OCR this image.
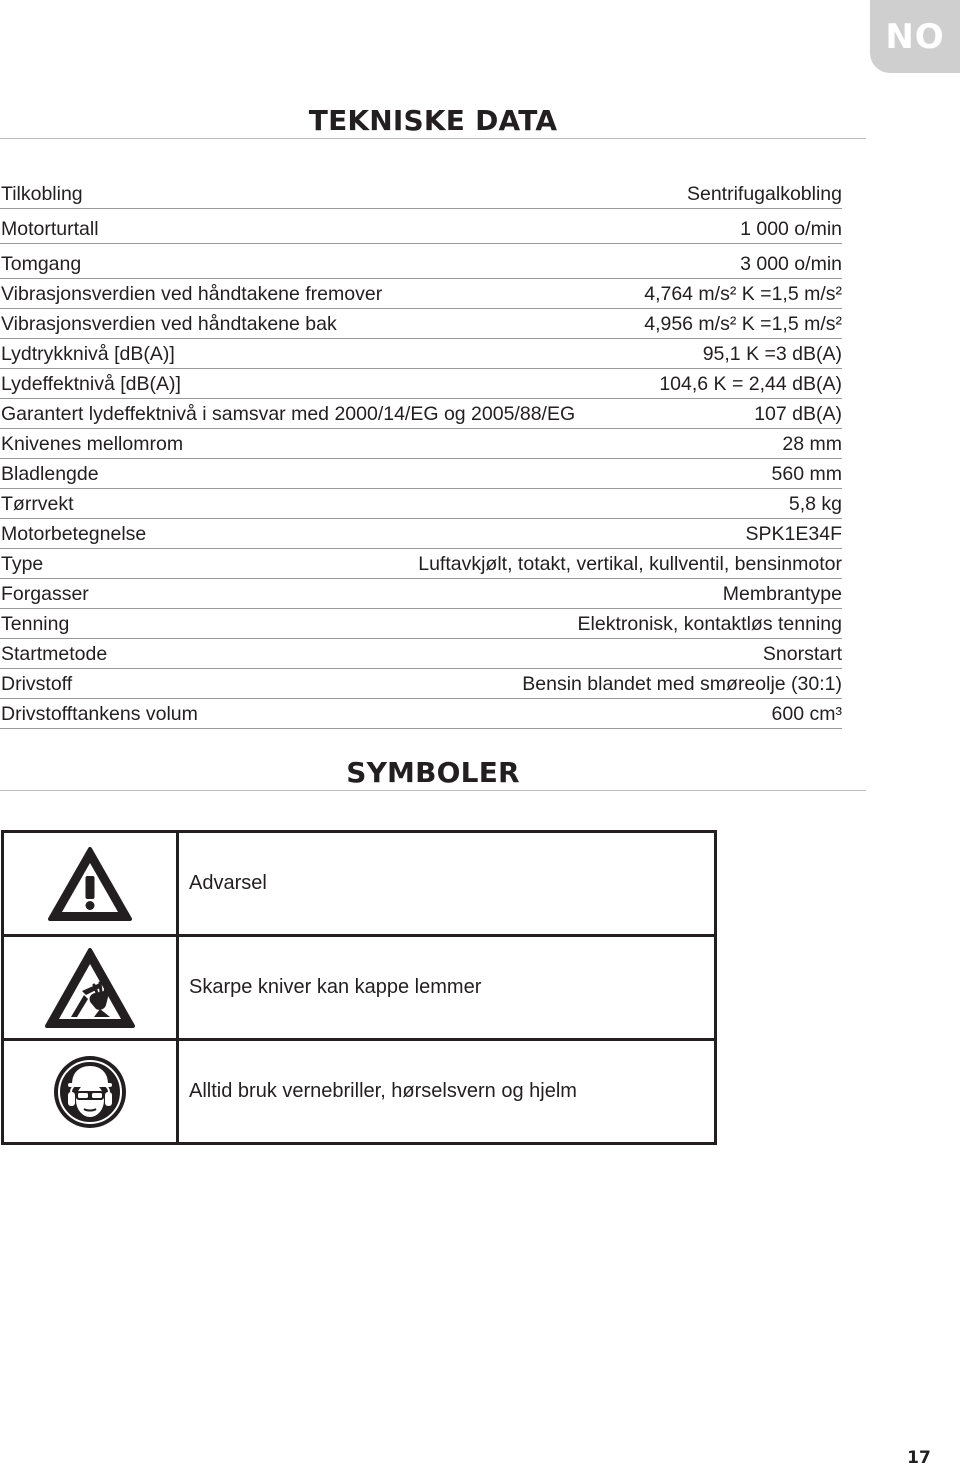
NO
TEKNISKE DATA
Tilkobling	Sentrifugalkobling
Motorturtall	1 000 o/min
Tomgang	3 000 o/min
Vibrasjonsverdien ved håndtakene fremover	4,764 m/s² K =1,5 m/s²
Vibrasjonsverdien ved håndtakene bak	4,956 m/s² K =1,5 m/s²
Lydtrykknivå [dB(A)]	95,1 K =3 dB(A)
Lydeffektnivå [dB(A)]	104,6 K = 2,44 dB(A)
Garantert lydeffektnivå i samsvar med 2000/14/EG og 2005/88/EG	107 dB(A)
Knivenes mellomrom	28 mm
Bladlengde	560 mm
Tørrvekt	5,8 kg
Motorbetegnelse	SPK1E34F
Type	Luftavkjølt, totakt, vertikal, kullventil, bensinmotor
Forgasser	Membrantype
Tenning	Elektronisk, kontaktløs tenning
Startmetode	Snorstart
Drivstoff	Bensin blandet med smøreolje (30:1)
Drivstofftankens volum	600 cm³
SYMBOLER
	Advarsel

	Skarpe kniver kan kappe lemmer

	Alltid bruk vernebriller, hørselsvern og hjelm
17
